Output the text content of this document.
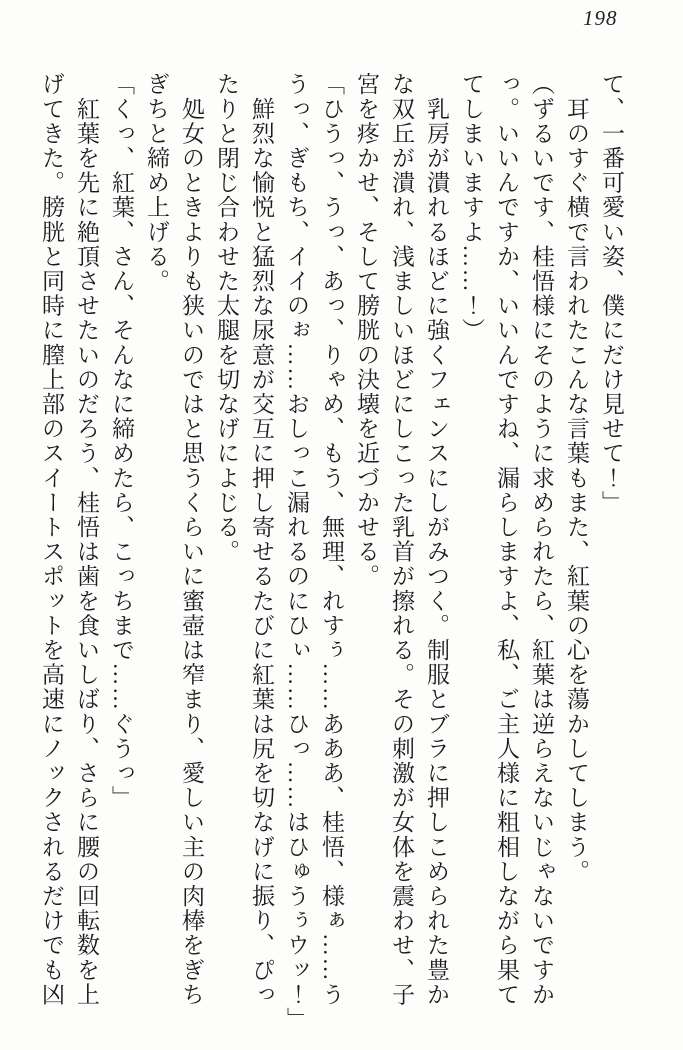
198

て、一番可愛い姿、僕にだけ見せて！」

　耳のすぐ横で言われたこんな言葉もまた、紅葉の心を蕩かしてしまう。

（ずるいです、桂悟様にそのように求められたら、紅葉は逆らえないじゃないですか

っ。いいんですか、いいんですね、漏らしますよ、私、ご主人様に粗相しながら果て

てしまいますよ……！）

　乳房が潰れるほどに強くフェンスにしがみつく。制服とブラに押しこめられた豊か

な双丘が潰れ、浅ましいほどにしこった乳首が擦れる。その刺激が女体を震わせ、子

宮を疼かせ、そして膀胱の決壊を近づかせる。

「ひうっ、うっ、あっ、りゃめ、もう、無理、れすぅ……あああ、桂悟、様ぁ……う

うっ、ぎもち、イイのぉ……おしっこ漏れるのにひぃ……ひっ……はひゅうぅウッ！」

　鮮烈な愉悦と猛烈な尿意が交互に押し寄せるたびに紅葉は尻を切なげに振り、ぴっ

たりと閉じ合わせた太腿を切なげによじる。

　処女のときよりも狭いのではと思うくらいに蜜壺は窄まり、愛しい主の肉棒をぎち

ぎちと締め上げる。

「くっ、紅葉、さん、そんなに締めたら、こっちまで……ぐうっ」

　紅葉を先に絶頂させたいのだろう、桂悟は歯を食いしばり、さらに腰の回転数を上

げてきた。膀胱と同時に膣上部のスイートスポットを高速にノックされるだけでも凶
